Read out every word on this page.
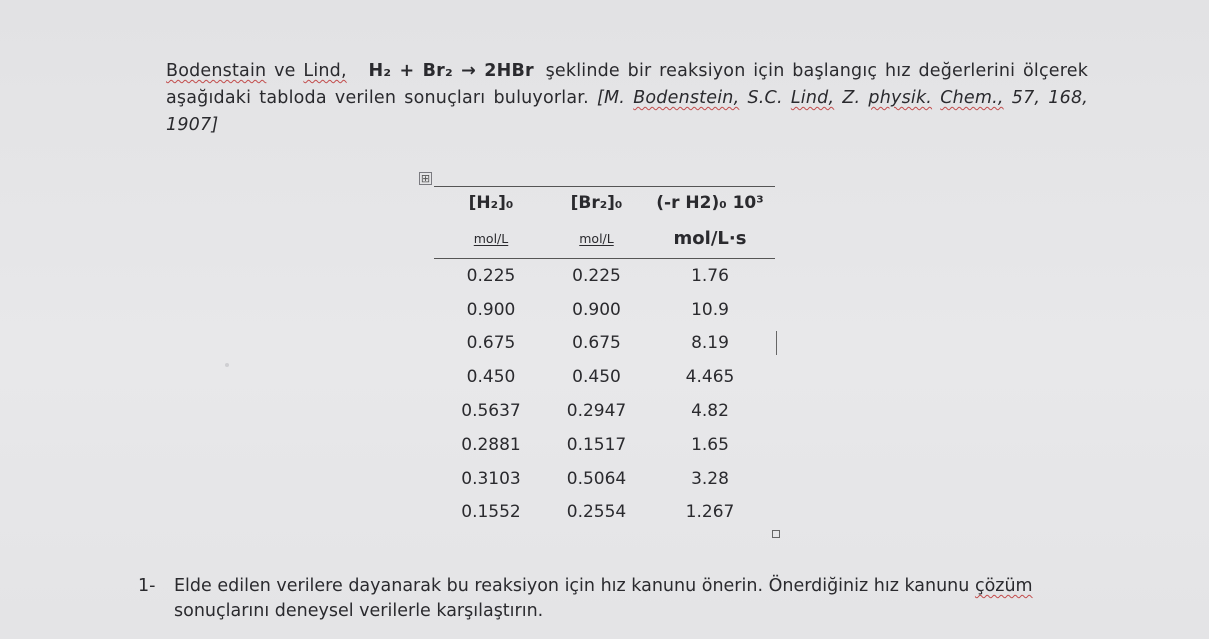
Bodenstain ve Lind, H₂ + Br₂ → 2HBr şeklinde bir reaksiyon için başlangıç hız değerlerini ölçerek aşağıdaki tabloda verilen sonuçları buluyorlar. [M. Bodenstein, S.C. Lind, Z. physik. Chem., 57, 168, 1907]
⊞
[H₂]₀	[Br₂]₀	(-r H2)₀ 10³
mol/L	mol/L	mol/L·s
0.225	0.225	1.76
0.900	0.900	10.9
0.675	0.675	8.19
0.450	0.450	4.465
0.5637	0.2947	4.82
0.2881	0.1517	1.65
0.3103	0.5064	3.28
0.1552	0.2554	1.267
1- Elde edilen verilere dayanarak bu reaksiyon için hız kanunu önerin. Önerdiğiniz hız kanunu çözüm sonuçlarını deneysel verilerle karşılaştırın.
